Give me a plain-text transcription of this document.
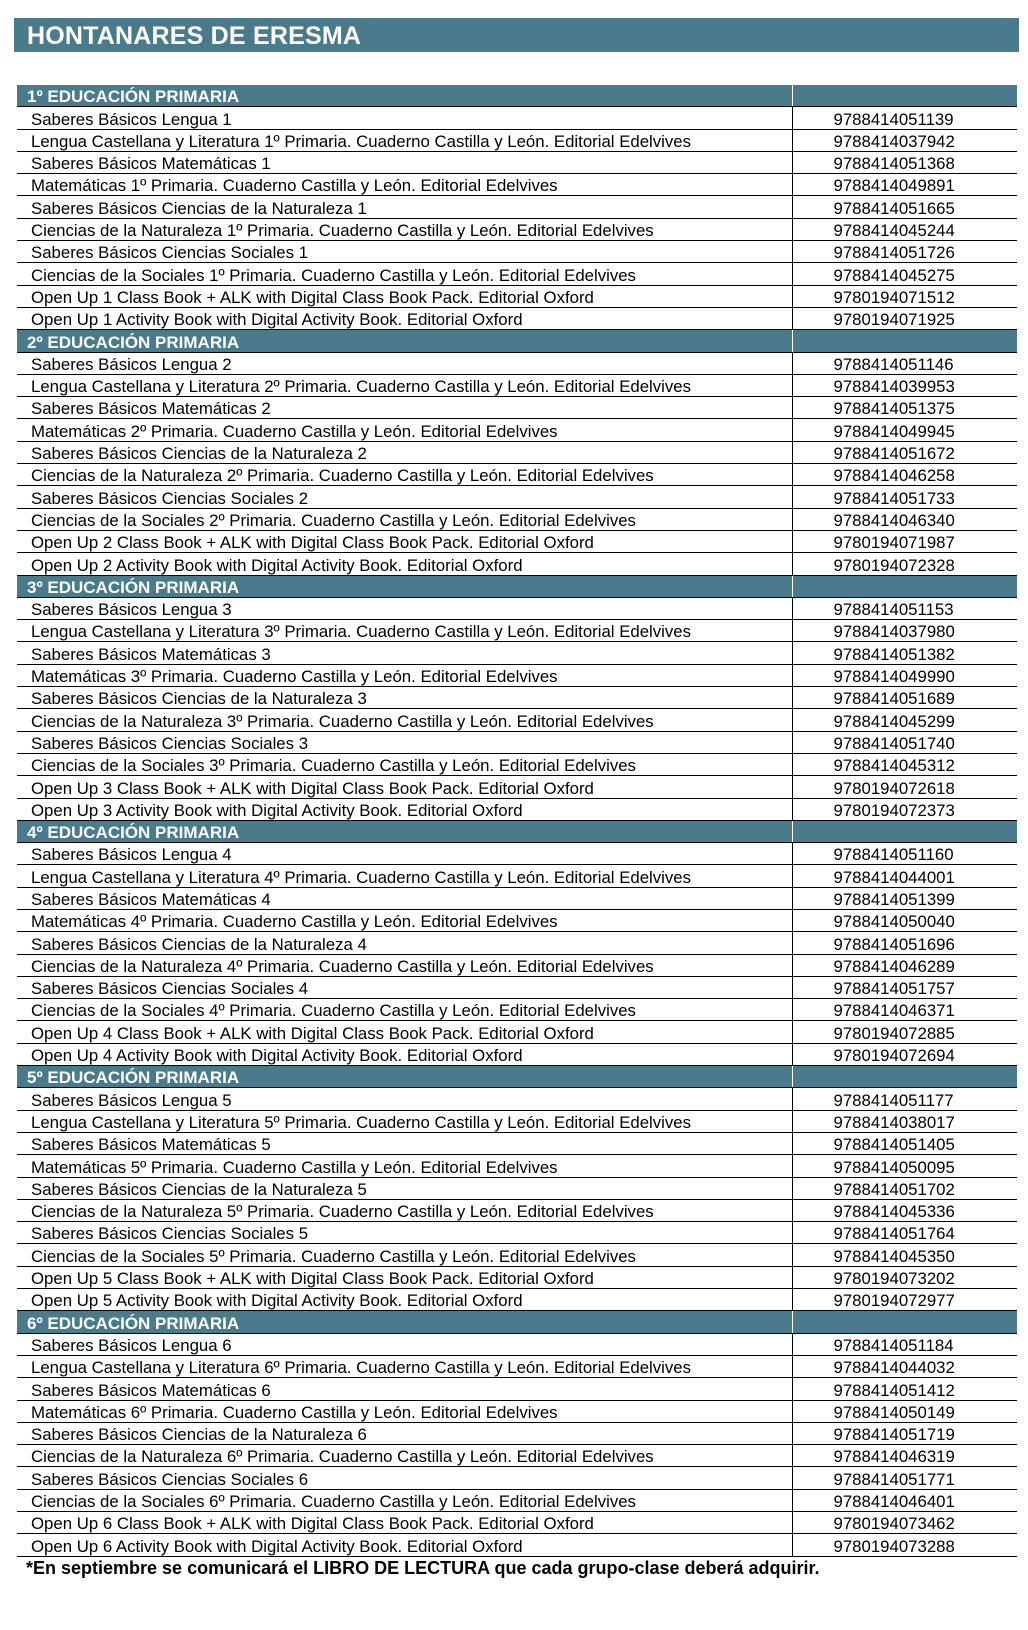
HONTANARES DE ERESMA
1º EDUCACIÓN PRIMARIA	
Saberes Básicos Lengua 1	9788414051139
Lengua Castellana y Literatura 1º Primaria. Cuaderno Castilla y León. Editorial Edelvives	9788414037942
Saberes Básicos Matemáticas 1	9788414051368
Matemáticas 1º Primaria. Cuaderno Castilla y León. Editorial Edelvives	9788414049891
Saberes Básicos Ciencias de la Naturaleza 1	9788414051665
Ciencias de la Naturaleza 1º Primaria. Cuaderno Castilla y León. Editorial Edelvives	9788414045244
Saberes Básicos Ciencias Sociales 1	9788414051726
Ciencias de la Sociales 1º Primaria. Cuaderno Castilla y León. Editorial Edelvives	9788414045275
Open Up 1 Class Book + ALK with Digital Class Book Pack. Editorial Oxford	9780194071512
Open Up 1 Activity Book with Digital Activity Book. Editorial Oxford	9780194071925
2º EDUCACIÓN PRIMARIA	
Saberes Básicos Lengua 2	9788414051146
Lengua Castellana y Literatura 2º Primaria. Cuaderno Castilla y León. Editorial Edelvives	9788414039953
Saberes Básicos Matemáticas 2	9788414051375
Matemáticas 2º Primaria. Cuaderno Castilla y León. Editorial Edelvives	9788414049945
Saberes Básicos Ciencias de la Naturaleza 2	9788414051672
Ciencias de la Naturaleza 2º Primaria. Cuaderno Castilla y León. Editorial Edelvives	9788414046258
Saberes Básicos Ciencias Sociales 2	9788414051733
Ciencias de la Sociales 2º Primaria. Cuaderno Castilla y León. Editorial Edelvives	9788414046340
Open Up 2 Class Book + ALK with Digital Class Book Pack. Editorial Oxford	9780194071987
Open Up 2 Activity Book with Digital Activity Book. Editorial Oxford	9780194072328
3º EDUCACIÓN PRIMARIA	
Saberes Básicos Lengua 3	9788414051153
Lengua Castellana y Literatura 3º Primaria. Cuaderno Castilla y León. Editorial Edelvives	9788414037980
Saberes Básicos Matemáticas 3	9788414051382
Matemáticas 3º Primaria. Cuaderno Castilla y León. Editorial Edelvives	9788414049990
Saberes Básicos Ciencias de la Naturaleza 3	9788414051689
Ciencias de la Naturaleza 3º Primaria. Cuaderno Castilla y León. Editorial Edelvives	9788414045299
Saberes Básicos Ciencias Sociales 3	9788414051740
Ciencias de la Sociales 3º Primaria. Cuaderno Castilla y León. Editorial Edelvives	9788414045312
Open Up 3 Class Book + ALK with Digital Class Book Pack. Editorial Oxford	9780194072618
Open Up 3 Activity Book with Digital Activity Book. Editorial Oxford	9780194072373
4º EDUCACIÓN PRIMARIA	
Saberes Básicos Lengua 4	9788414051160
Lengua Castellana y Literatura 4º Primaria. Cuaderno Castilla y León. Editorial Edelvives	9788414044001
Saberes Básicos Matemáticas 4	9788414051399
Matemáticas 4º Primaria. Cuaderno Castilla y León. Editorial Edelvives	9788414050040
Saberes Básicos Ciencias de la Naturaleza 4	9788414051696
Ciencias de la Naturaleza 4º Primaria. Cuaderno Castilla y León. Editorial Edelvives	9788414046289
Saberes Básicos Ciencias Sociales 4	9788414051757
Ciencias de la Sociales 4º Primaria. Cuaderno Castilla y León. Editorial Edelvives	9788414046371
Open Up 4 Class Book + ALK with Digital Class Book Pack. Editorial Oxford	9780194072885
Open Up 4 Activity Book with Digital Activity Book. Editorial Oxford	9780194072694
5º EDUCACIÓN PRIMARIA	
Saberes Básicos Lengua 5	9788414051177
Lengua Castellana y Literatura 5º Primaria. Cuaderno Castilla y León. Editorial Edelvives	9788414038017
Saberes Básicos Matemáticas 5	9788414051405
Matemáticas 5º Primaria. Cuaderno Castilla y León. Editorial Edelvives	9788414050095
Saberes Básicos Ciencias de la Naturaleza 5	9788414051702
Ciencias de la Naturaleza 5º Primaria. Cuaderno Castilla y León. Editorial Edelvives	9788414045336
Saberes Básicos Ciencias Sociales 5	9788414051764
Ciencias de la Sociales 5º Primaria. Cuaderno Castilla y León. Editorial Edelvives	9788414045350
Open Up 5 Class Book + ALK with Digital Class Book Pack. Editorial Oxford	9780194073202
Open Up 5 Activity Book with Digital Activity Book. Editorial Oxford	9780194072977
6º EDUCACIÓN PRIMARIA	
Saberes Básicos Lengua 6	9788414051184
Lengua Castellana y Literatura 6º Primaria. Cuaderno Castilla y León. Editorial Edelvives	9788414044032
Saberes Básicos Matemáticas 6	9788414051412
Matemáticas 6º Primaria. Cuaderno Castilla y León. Editorial Edelvives	9788414050149
Saberes Básicos Ciencias de la Naturaleza 6	9788414051719
Ciencias de la Naturaleza 6º Primaria. Cuaderno Castilla y León. Editorial Edelvives	9788414046319
Saberes Básicos Ciencias Sociales 6	9788414051771
Ciencias de la Sociales 6º Primaria. Cuaderno Castilla y León. Editorial Edelvives	9788414046401
Open Up 6 Class Book + ALK with Digital Class Book Pack. Editorial Oxford	9780194073462
Open Up 6 Activity Book with Digital Activity Book. Editorial Oxford	9780194073288
*En septiembre se comunicará el LIBRO DE LECTURA que cada grupo-clase deberá adquirir.
